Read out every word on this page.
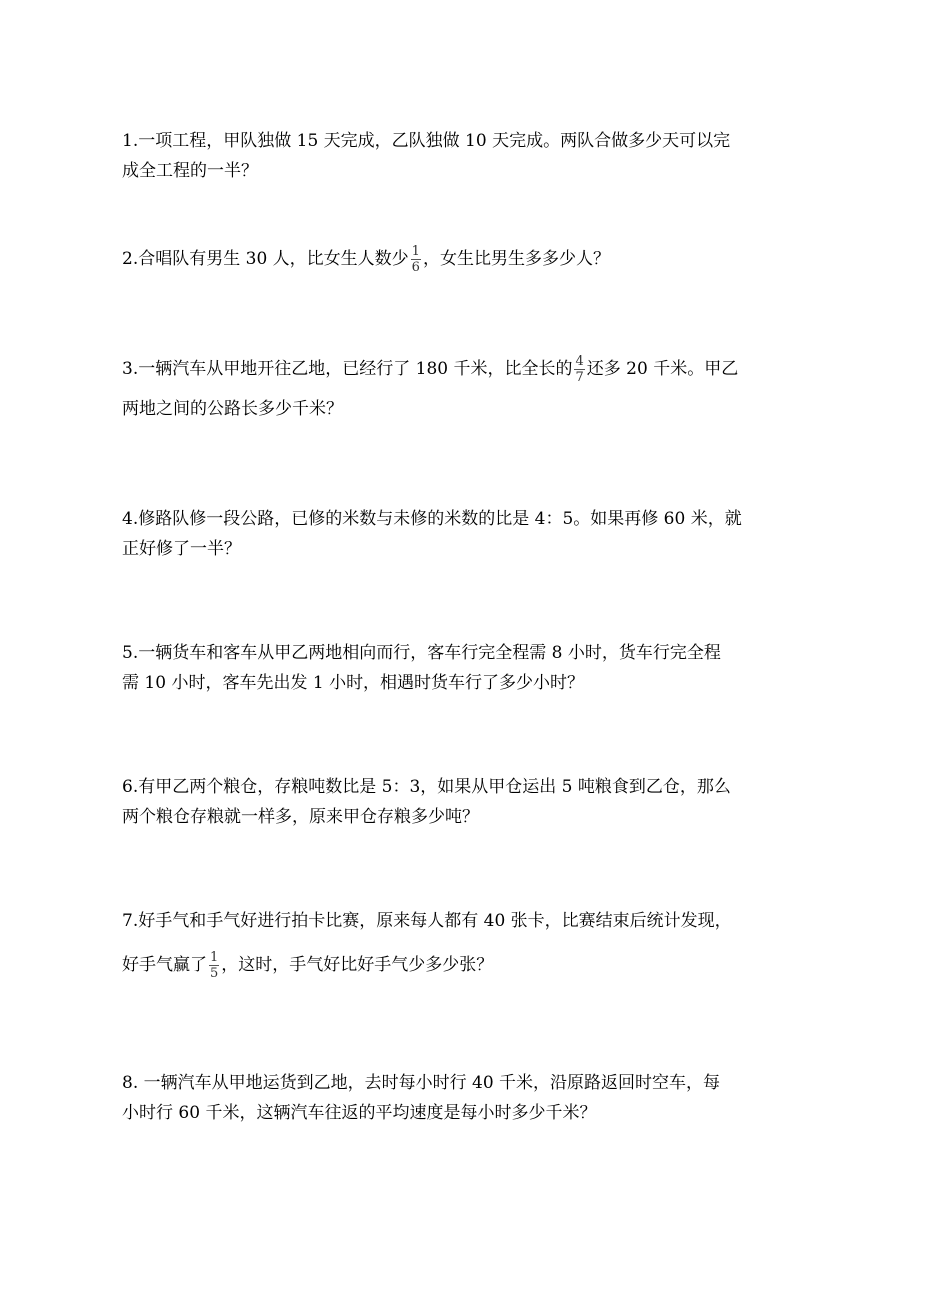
1.一项工程，甲队独做 15 天完成，乙队独做 10 天完成。两队合做多少天可以完
成全工程的一半？
2.合唱队有男生 30 人，比女生人数少 $\frac{1}{6}$ ，女生比男生多多少人？
3.一辆汽车从甲地开往乙地，已经行了 180 千米，比全长的 $\frac{4}{7}$ 还多 20 千米。甲乙
两地之间的公路长多少千米？
4.修路队修一段公路，已修的米数与未修的米数的比是 4：5。如果再修 60 米，就
正好修了一半？
5.一辆货车和客车从甲乙两地相向而行，客车行完全程需 8 小时，货车行完全程
需 10 小时，客车先出发 1 小时，相遇时货车行了多少小时？
6.有甲乙两个粮仓，存粮吨数比是 5：3，如果从甲仓运出 5 吨粮食到乙仓，那么
两个粮仓存粮就一样多，原来甲仓存粮多少吨？
7.好手气和手气好进行拍卡比赛，原来每人都有 40 张卡，比赛结束后统计发现，
好手气赢了 $\frac{1}{5}$ ，这时，手气好比好手气少多少张？
8. 一辆汽车从甲地运货到乙地，去时每小时行 40 千米，沿原路返回时空车，每
小时行 60 千米，这辆汽车往返的平均速度是每小时多少千米？
